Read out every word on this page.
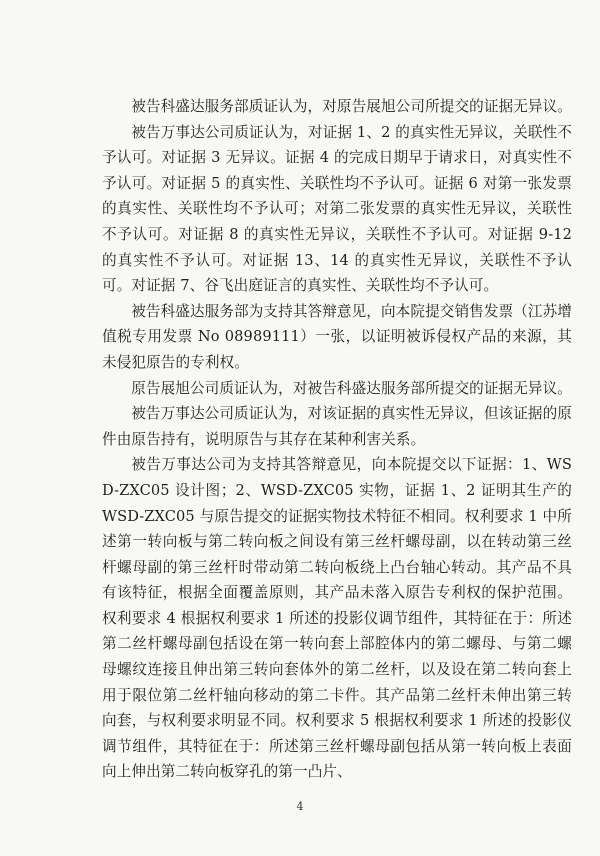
被告科盛达服务部质证认为，对原告展旭公司所提交的证据无异议。

被告万事达公司质证认为，对证据 1、2 的真实性无异议，关联性不予认可。对证据 3 无异议。证据 4 的完成日期早于请求日，对真实性不予认可。对证据 5 的真实性、关联性均不予认可。证据 6 对第一张发票的真实性、关联性均不予认可；对第二张发票的真实性无异议，关联性不予认可。对证据 8 的真实性无异议，关联性不予认可。对证据 9-12 的真实性不予认可。对证据 13、14 的真实性无异议，关联性不予认可。对证据 7、谷飞出庭证言的真实性、关联性均不予认可。

被告科盛达服务部为支持其答辩意见，向本院提交销售发票（江苏增值税专用发票 No 08989111）一张，以证明被诉侵权产品的来源，其未侵犯原告的专利权。

原告展旭公司质证认为，对被告科盛达服务部所提交的证据无异议。

被告万事达公司质证认为，对该证据的真实性无异议，但该证据的原件由原告持有，说明原告与其存在某种利害关系。

被告万事达公司为支持其答辩意见，向本院提交以下证据：1、WSD-ZXC05 设计图；2、WSD-ZXC05 实物，证据 1、2 证明其生产的 WSD-ZXC05 与原告提交的证据实物技术特征不相同。权利要求 1 中所述第一转向板与第二转向板之间设有第三丝杆螺母副，以在转动第三丝杆螺母副的第三丝杆时带动第二转向板绕上凸台轴心转动。其产品不具有该特征，根据全面覆盖原则，其产品未落入原告专利权的保护范围。权利要求 4 根据权利要求 1 所述的投影仪调节组件，其特征在于：所述第二丝杆螺母副包括设在第一转向套上部腔体内的第二螺母、与第二螺母螺纹连接且伸出第三转向套体外的第二丝杆，以及设在第二转向套上用于限位第二丝杆轴向移动的第二卡件。其产品第二丝杆未伸出第三转向套，与权利要求明显不同。权利要求 5 根据权利要求 1 所述的投影仪调节组件，其特征在于：所述第三丝杆螺母副包括从第一转向板上表面向上伸出第二转向板穿孔的第一凸片、

4
